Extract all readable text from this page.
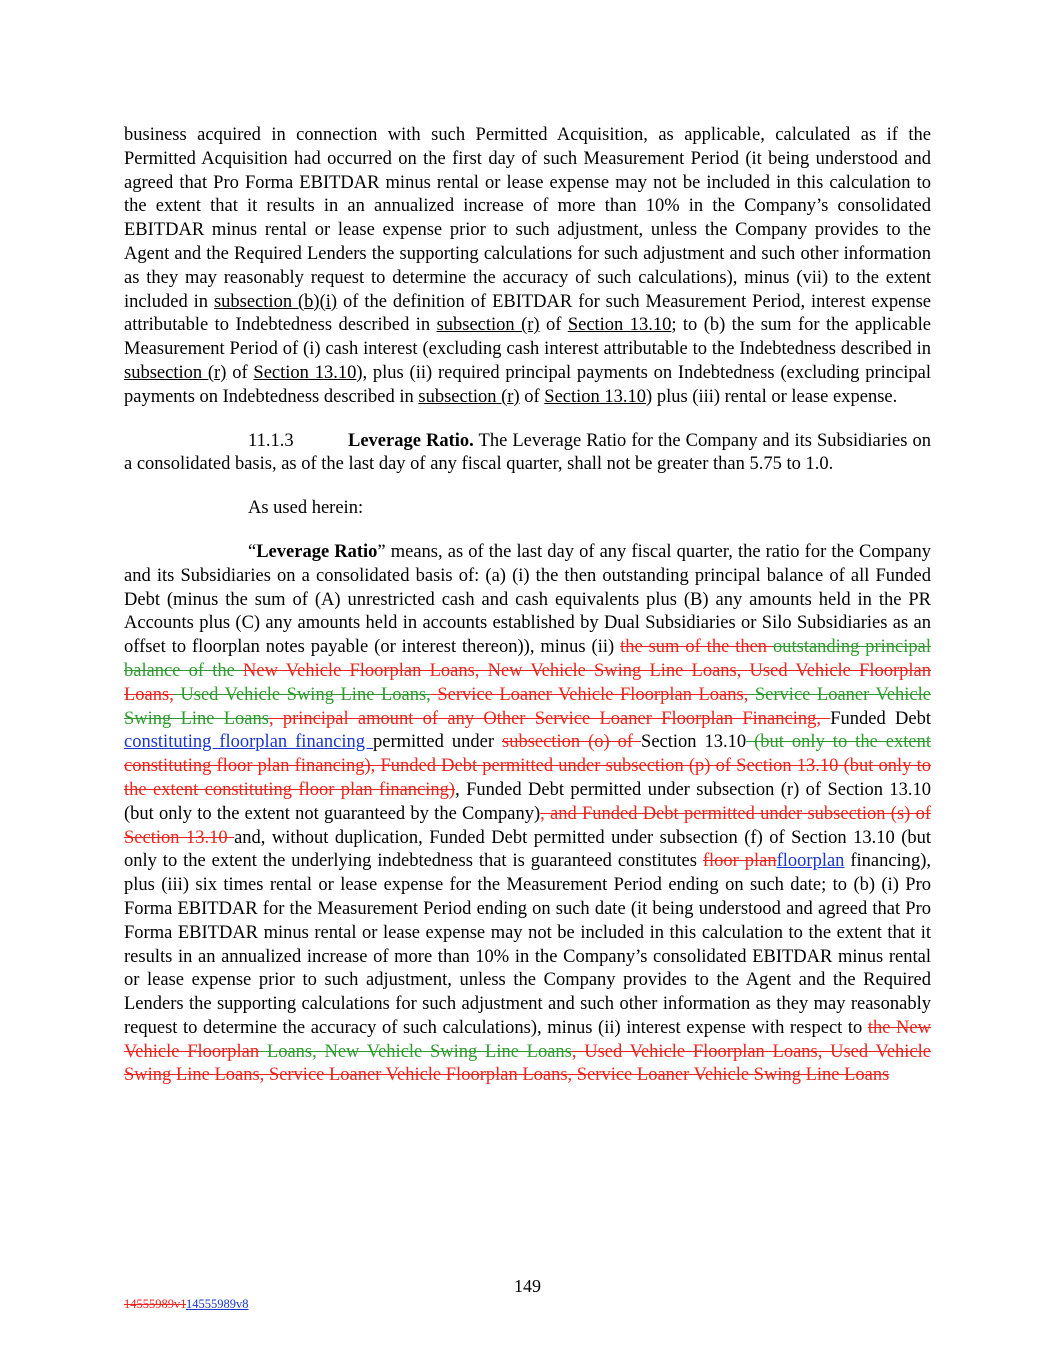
business acquired in connection with such Permitted Acquisition, as applicable, calculated as if the Permitted Acquisition had occurred on the first day of such Measurement Period (it being understood and agreed that Pro Forma EBITDAR minus rental or lease expense may not be included in this calculation to the extent that it results in an annualized increase of more than 10% in the Company’s consolidated EBITDAR minus rental or lease expense prior to such adjustment, unless the Company provides to the Agent and the Required Lenders the supporting calculations for such adjustment and such other information as they may reasonably request to determine the accuracy of such calculations), minus (vii) to the extent included in subsection (b)(i) of the definition of EBITDAR for such Measurement Period, interest expense attributable to Indebtedness described in subsection (r) of Section 13.10; to (b) the sum for the applicable Measurement Period of (i) cash interest (excluding cash interest attributable to the Indebtedness described in subsection (r) of Section 13.10), plus (ii) required principal payments on Indebtedness (excluding principal payments on Indebtedness described in subsection (r) of Section 13.10) plus (iii) rental or lease expense.

11.1.3	Leverage Ratio. The Leverage Ratio for the Company and its Subsidiaries on a consolidated basis, as of the last day of any fiscal quarter, shall not be greater than 5.75 to 1.0.

As used herein:

“Leverage Ratio” means, as of the last day of any fiscal quarter, the ratio for the Company and its Subsidiaries on a consolidated basis of: (a) (i) the then outstanding principal balance of all Funded Debt (minus the sum of (A) unrestricted cash and cash equivalents plus (B) any amounts held in the PR Accounts plus (C) any amounts held in accounts established by Dual Subsidiaries or Silo Subsidiaries as an offset to floorplan notes payable (or interest thereon)), minus (ii) the sum of the then outstanding principal balance of the New Vehicle Floorplan Loans, New Vehicle Swing Line Loans, Used Vehicle Floorplan Loans, Used Vehicle Swing Line Loans, Service Loaner Vehicle Floorplan Loans, Service Loaner Vehicle Swing Line Loans, principal amount of any Other Service Loaner Floorplan Financing, Funded Debt constituting floorplan financing permitted under subsection (o) of Section 13.10 (but only to the extent constituting floor plan financing), Funded Debt permitted under subsection (p) of Section 13.10 (but only to the extent constituting floor plan financing), Funded Debt permitted under subsection (r) of Section 13.10 (but only to the extent not guaranteed by the Company), and Funded Debt permitted under subsection (s) of Section 13.10 and, without duplication, Funded Debt permitted under subsection (f) of Section 13.10 (but only to the extent the underlying indebtedness that is guaranteed constitutes floor planfloorplan financing), plus (iii) six times rental or lease expense for the Measurement Period ending on such date; to (b) (i) Pro Forma EBITDAR for the Measurement Period ending on such date (it being understood and agreed that Pro Forma EBITDAR minus rental or lease expense may not be included in this calculation to the extent that it results in an annualized increase of more than 10% in the Company’s consolidated EBITDAR minus rental or lease expense prior to such adjustment, unless the Company provides to the Agent and the Required Lenders the supporting calculations for such adjustment and such other information as they may reasonably request to determine the accuracy of such calculations), minus (ii) interest expense with respect to the New Vehicle Floorplan Loans, New Vehicle Swing Line Loans, Used Vehicle Floorplan Loans, Used Vehicle Swing Line Loans, Service Loaner Vehicle Floorplan Loans, Service Loaner Vehicle Swing Line Loans

149
14555989v114555989v8
